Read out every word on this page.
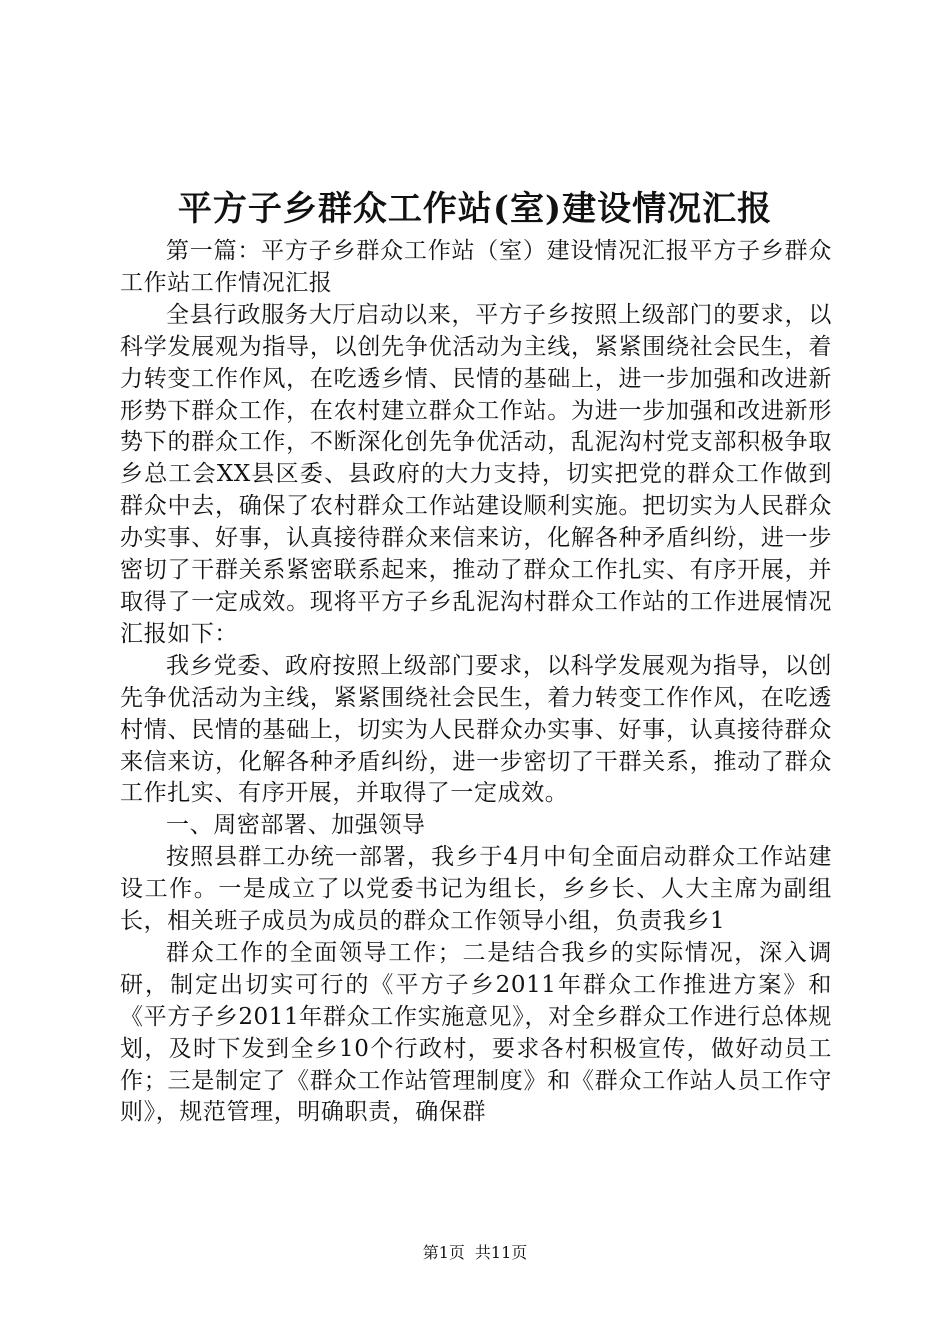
平方子乡群众工作站(室)建设情况汇报

第一篇：平方子乡群众工作站（室）建设情况汇报平方子乡群众工作站工作情况汇报

全县行政服务大厅启动以来，平方子乡按照上级部门的要求，以科学发展观为指导，以创先争优活动为主线，紧紧围绕社会民生，着力转变工作作风，在吃透乡情、民情的基础上，进一步加强和改进新形势下群众工作，在农村建立群众工作站。为进一步加强和改进新形势下的群众工作，不断深化创先争优活动，乱泥沟村党支部积极争取乡总工会XX县区委、县政府的大力支持，切实把党的群众工作做到群众中去，确保了农村群众工作站建设顺利实施。把切实为人民群众办实事、好事，认真接待群众来信来访，化解各种矛盾纠纷，进一步密切了干群关系紧密联系起来，推动了群众工作扎实、有序开展，并取得了一定成效。现将平方子乡乱泥沟村群众工作站的工作进展情况汇报如下：

我乡党委、政府按照上级部门要求，以科学发展观为指导，以创先争优活动为主线，紧紧围绕社会民生，着力转变工作作风，在吃透村情、民情的基础上，切实为人民群众办实事、好事，认真接待群众来信来访，化解各种矛盾纠纷，进一步密切了干群关系，推动了群众工作扎实、有序开展，并取得了一定成效。

一、周密部署、加强领导

按照县群工办统一部署，我乡于4月中旬全面启动群众工作站建设工作。一是成立了以党委书记为组长，乡乡长、人大主席为副组长，相关班子成员为成员的群众工作领导小组，负责我乡1

群众工作的全面领导工作；二是结合我乡的实际情况，深入调研，制定出切实可行的《平方子乡2011年群众工作推进方案》和《平方子乡2011年群众工作实施意见》，对全乡群众工作进行总体规划，及时下发到全乡10个行政村，要求各村积极宣传，做好动员工作；三是制定了《群众工作站管理制度》和《群众工作站人员工作守则》，规范管理，明确职责，确保群

第1页 共11页
